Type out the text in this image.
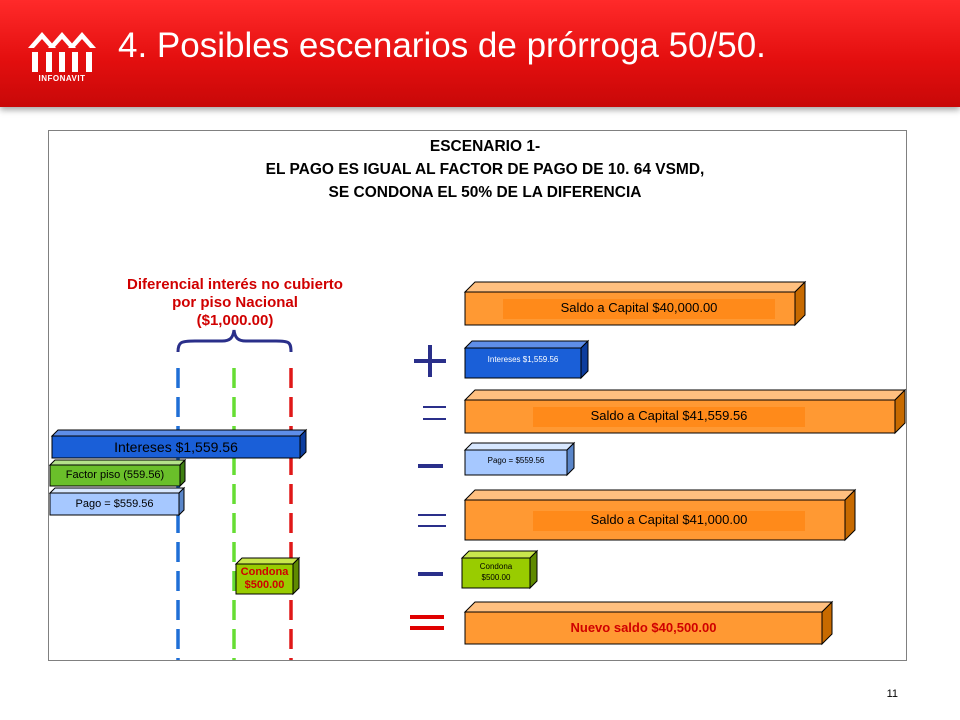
INFONAVIT
4. Posibles escenarios de prórroga 50/50.
ESCENARIO 1-
EL PAGO ES IGUAL AL FACTOR DE PAGO DE 10. 64 VSMD,
SE CONDONA EL 50% DE LA DIFERENCIA
Diferencial interés no cubierto
por piso Nacional
($1,000.00)
Intereses $1,559.56
Factor piso (559.56)
Pago = $559.56
Condona
$500.00
Saldo a Capital $40,000.00
Intereses $1,559.56
Saldo a Capital $41,559.56
Pago = $559.56
Saldo a Capital $41,000.00
Condona
$500.00
Nuevo saldo $40,500.00
11
